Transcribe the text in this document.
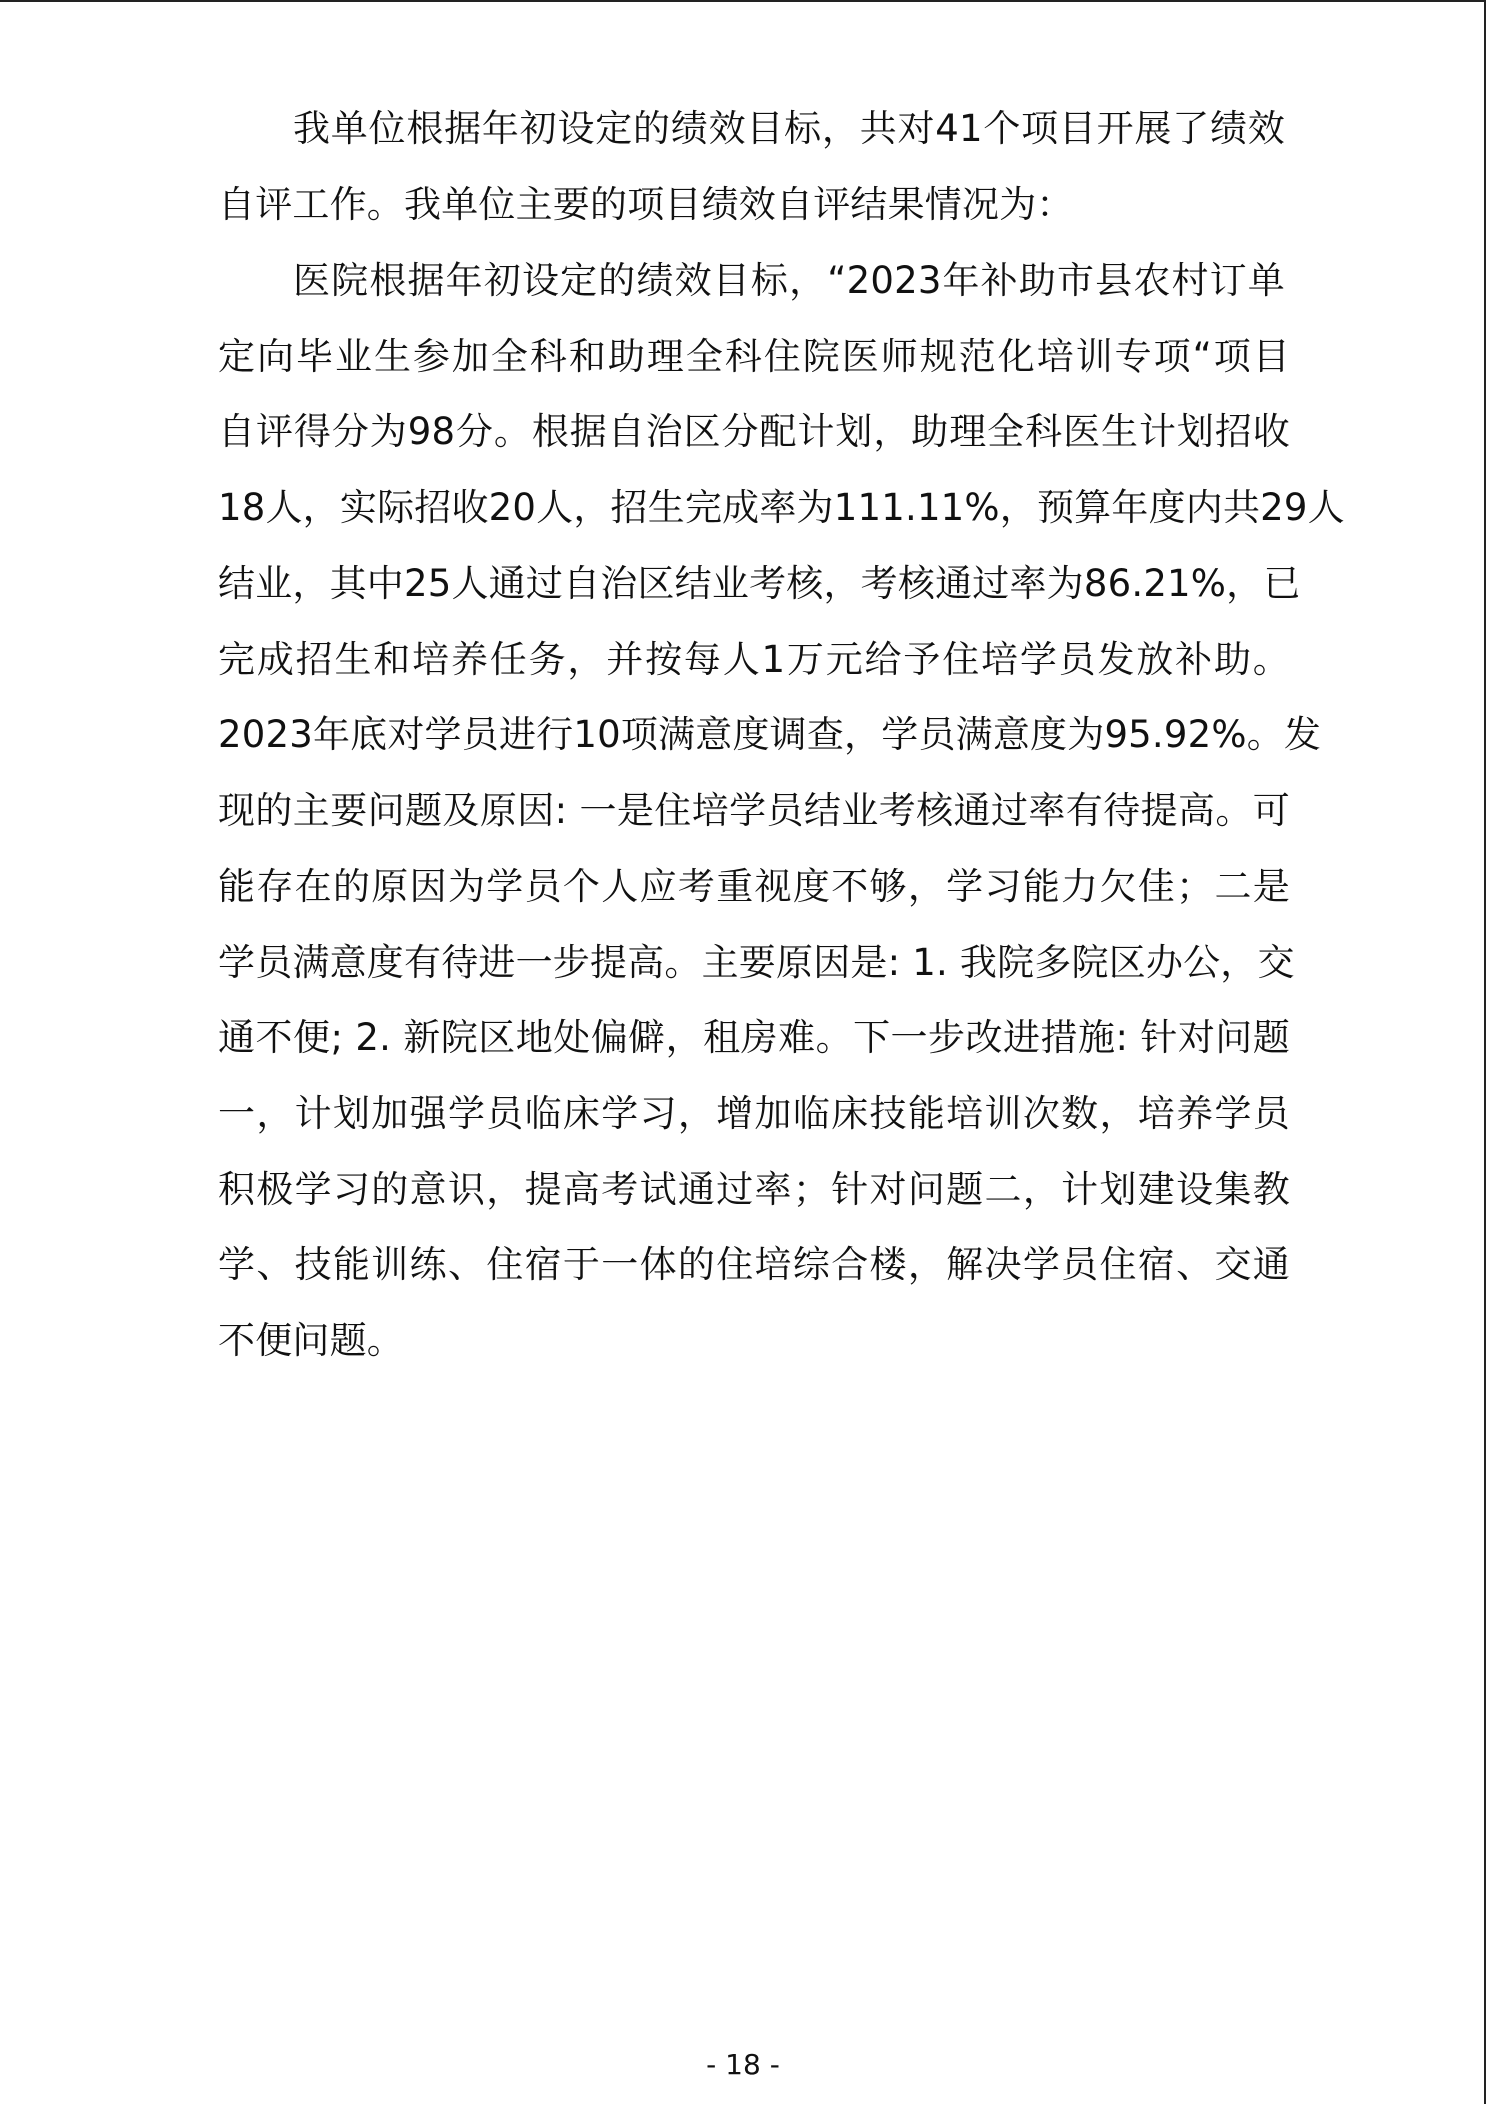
我单位根据年初设定的绩效目标，共对41个项目开展了绩效

自评工作。我单位主要的项目绩效自评结果情况为：

医院根据年初设定的绩效目标，“2023年补助市县农村订单

定向毕业生参加全科和助理全科住院医师规范化培训专项“项目

自评得分为98分。根据自治区分配计划，助理全科医生计划招收

18人，实际招收20人，招生完成率为111.11%，预算年度内共29人

结业，其中25人通过自治区结业考核，考核通过率为86.21%，已

完成招生和培养任务，并按每人1万元给予住培学员发放补助。

2023年底对学员进行10项满意度调查，学员满意度为95.92%。发

现的主要问题及原因: 一是住培学员结业考核通过率有待提高。可

能存在的原因为学员个人应考重视度不够，学习能力欠佳；二是

学员满意度有待进一步提高。主要原因是: 1. 我院多院区办公，交

通不便; 2. 新院区地处偏僻，租房难。下一步改进措施: 针对问题

一，计划加强学员临床学习，增加临床技能培训次数，培养学员

积极学习的意识，提高考试通过率；针对问题二，计划建设集教

学、技能训练、住宿于一体的住培综合楼，解决学员住宿、交通

不便问题。

- 18 -
